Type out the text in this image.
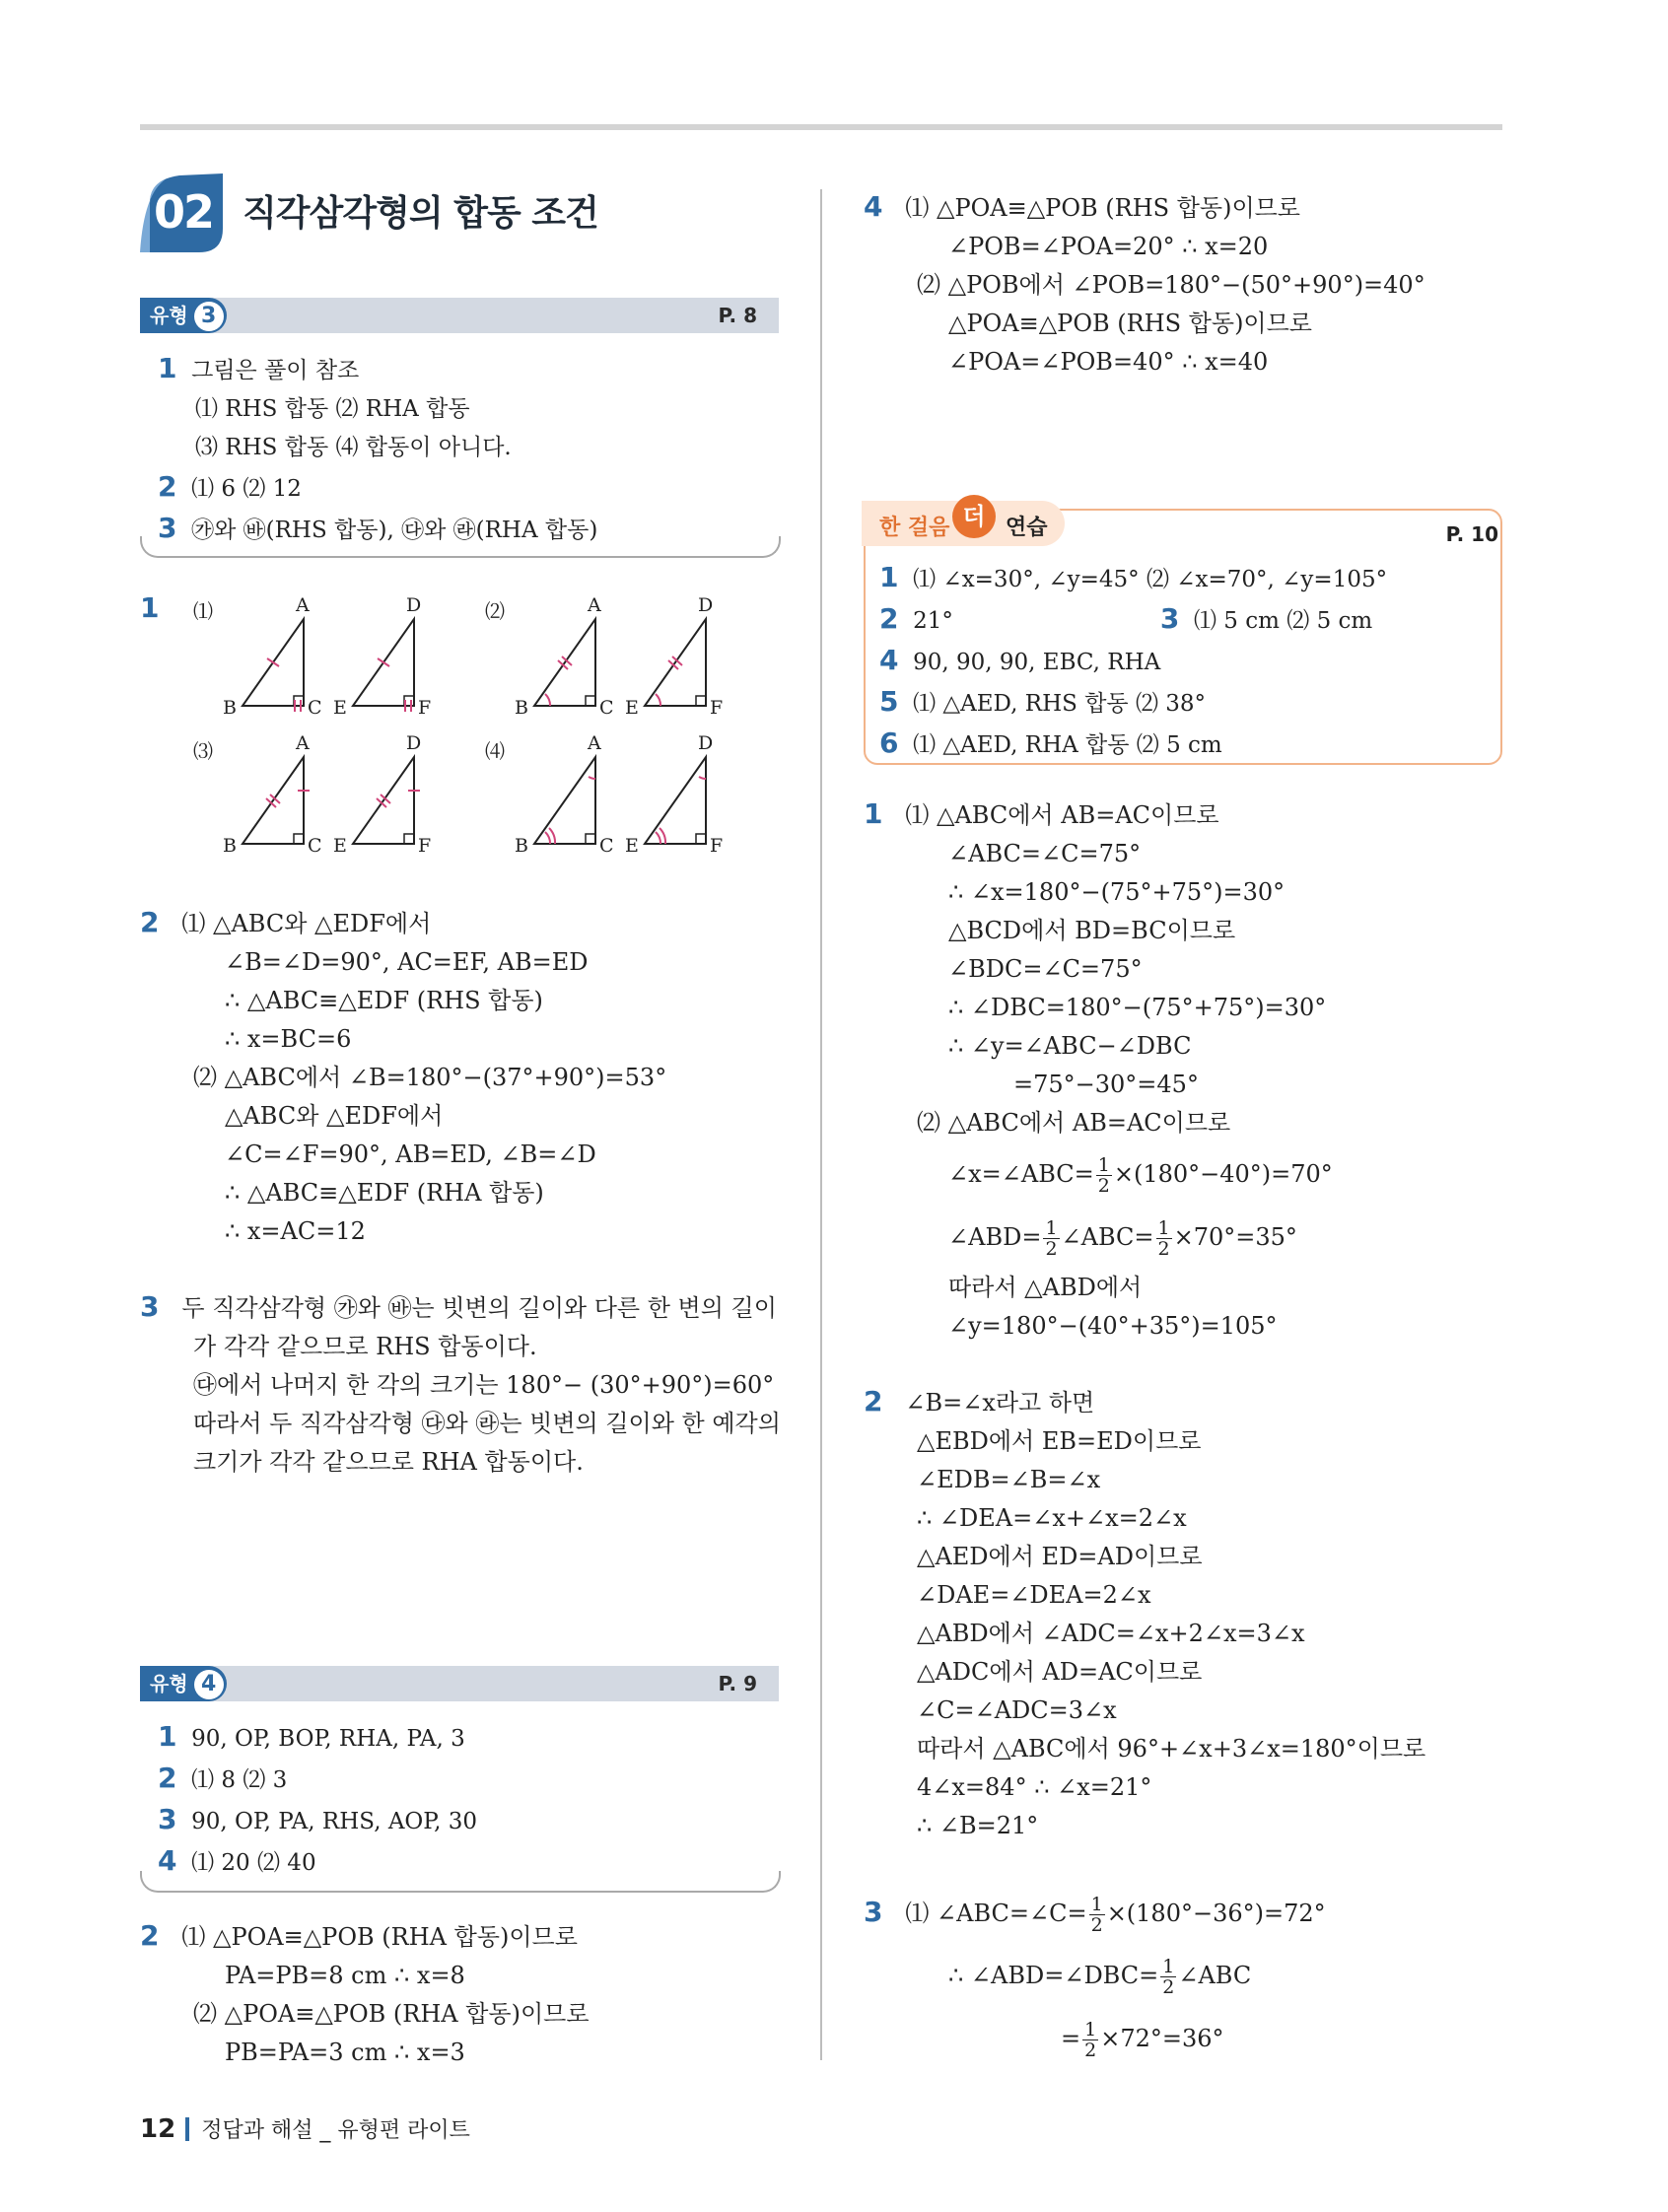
02 직각삼각형의 합동 조건
유형 3	P. 8
1 그림은 풀이 참조
⑴ RHS 합동 ⑵ RHA 합동
⑶ RHS 합동 ⑷ 합동이 아니다.
2 ⑴ 6 ⑵ 12
3 ㉮와 ㉳(RHS 합동), ㉰와 ㉱(RHA 합동)
1 ⑴	⑵
⑶	⑷
A
B	C
D
E	F
A
B	C
D
E	F
A
B	C
D
E	F
A
B	C
D
E	F
2 ⑴ △ABC와 △EDF에서
∠B=∠D=90°, AC=EF, AB=ED
∴ △ABC≡△EDF (RHS 합동)
∴ x=BC=6
⑵ △ABC에서 ∠B=180°−(37°+90°)=53°
△ABC와 △EDF에서
∠C=∠F=90°, AB=ED, ∠B=∠D
∴ △ABC≡△EDF (RHA 합동)
∴ x=AC=12
3 두 직각삼각형 ㉮와 ㉳는 빗변의 길이와 다른 한 변의 길이
가 각각 같으므로 RHS 합동이다.
㉰에서 나머지 한 각의 크기는 180°− (30°+90°)=60°
따라서 두 직각삼각형 ㉰와 ㉱는 빗변의 길이와 한 예각의
크기가 각각 같으므로 RHA 합동이다.
유형 4	P. 9
1 90, OP, BOP, RHA, PA, 3
2 ⑴ 8 ⑵ 3
3 90, OP, PA, RHS, AOP, 30
4 ⑴ 20 ⑵ 40
2 ⑴ △POA≡△POB (RHA 합동)이므로
PA=PB=8 cm ∴ x=8
⑵ △POA≡△POB (RHA 합동)이므로
PB=PA=3 cm ∴ x=3
4 ⑴ △POA≡△POB (RHS 합동)이므로
∠POB=∠POA=20° ∴ x=20
⑵ △POB에서 ∠POB=180°−(50°+90°)=40°
△POA≡△POB (RHS 합동)이므로
∠POA=∠POB=40° ∴ x=40
한 걸음 더 연습	P. 10
1 ⑴ ∠x=30°, ∠y=45° ⑵ ∠x=70°, ∠y=105°
2 21°	3 ⑴ 5 cm ⑵ 5 cm
4 90, 90, 90, EBC, RHA
5 ⑴ △AED, RHS 합동 ⑵ 38°
6 ⑴ △AED, RHA 합동 ⑵ 5 cm
1 ⑴ △ABC에서 AB=AC이므로
∠ABC=∠C=75°
∴ ∠x=180°−(75°+75°)=30°
△BCD에서 BD=BC이므로
∠BDC=∠C=75°
∴ ∠DBC=180°−(75°+75°)=30°
∴ ∠y=∠ABC−∠DBC
=75°−30°=45°
⑵ △ABC에서 AB=AC이므로
∠x=∠ABC= $\frac{1}{2} \times(180^\circ-40^\circ)=70^\circ$
∠ABD= $\frac{1}{2}$ ∠ABC= $\frac{1}{2} \times 70^\circ=35^\circ$
따라서 △ABD에서
∠y=180°−(40°+35°)=105°
2 ∠B=∠x라고 하면
△EBD에서 EB=ED이므로
∠EDB=∠B=∠x
∴ ∠DEA=∠x+∠x=2∠x
△AED에서 ED=AD이므로
∠DAE=∠DEA=2∠x
△ABD에서 ∠ADC=∠x+2∠x=3∠x
△ADC에서 AD=AC이므로
∠C=∠ADC=3∠x
따라서 △ABC에서 96°+∠x+3∠x=180°이므로
4∠x=84° ∴ ∠x=21°
∴ ∠B=21°
3 ⑴ ∠ABC=∠C= $\frac{1}{2} \times(180^\circ-36^\circ)=72^\circ$
∴ ∠ABD=∠DBC= $\frac{1}{2}$ ∠ABC
= $\frac{1}{2} \times 72^\circ=36^\circ$
12 정답과 해설 _ 유형편 라이트
